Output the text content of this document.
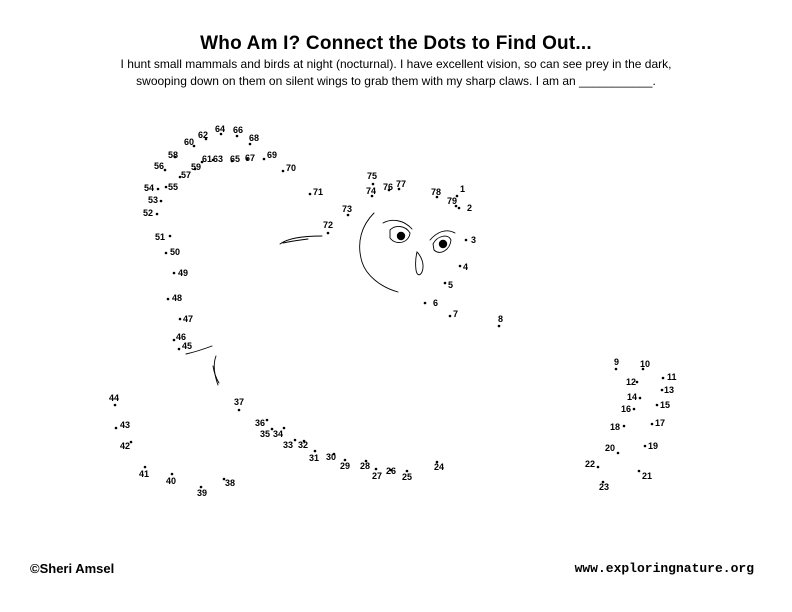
Who Am I? Connect the Dots to Find Out...
I hunt small mammals and birds at night (nocturnal). I have excellent vision, so can see prey in the dark,
swooping down on them on silent wings to grab them with my sharp claws. I am an ___________.
1
2
3
4
5
6
7	8
9 10
11
12
13
14
15
16
17
18
19
20
21
22
23
24
25
26
27
28
29
30
31
32
33
34
35
36
37
38
39
40
41
42
43
44
45
46
47
48
49
50
51
52
53
54 55
56
57
58
59
60
61
62
63
64
65
66
67
68
69
70
71
72
73
74
75
76 77
78
79
©Sheri Amsel	www.exploringnature.org
